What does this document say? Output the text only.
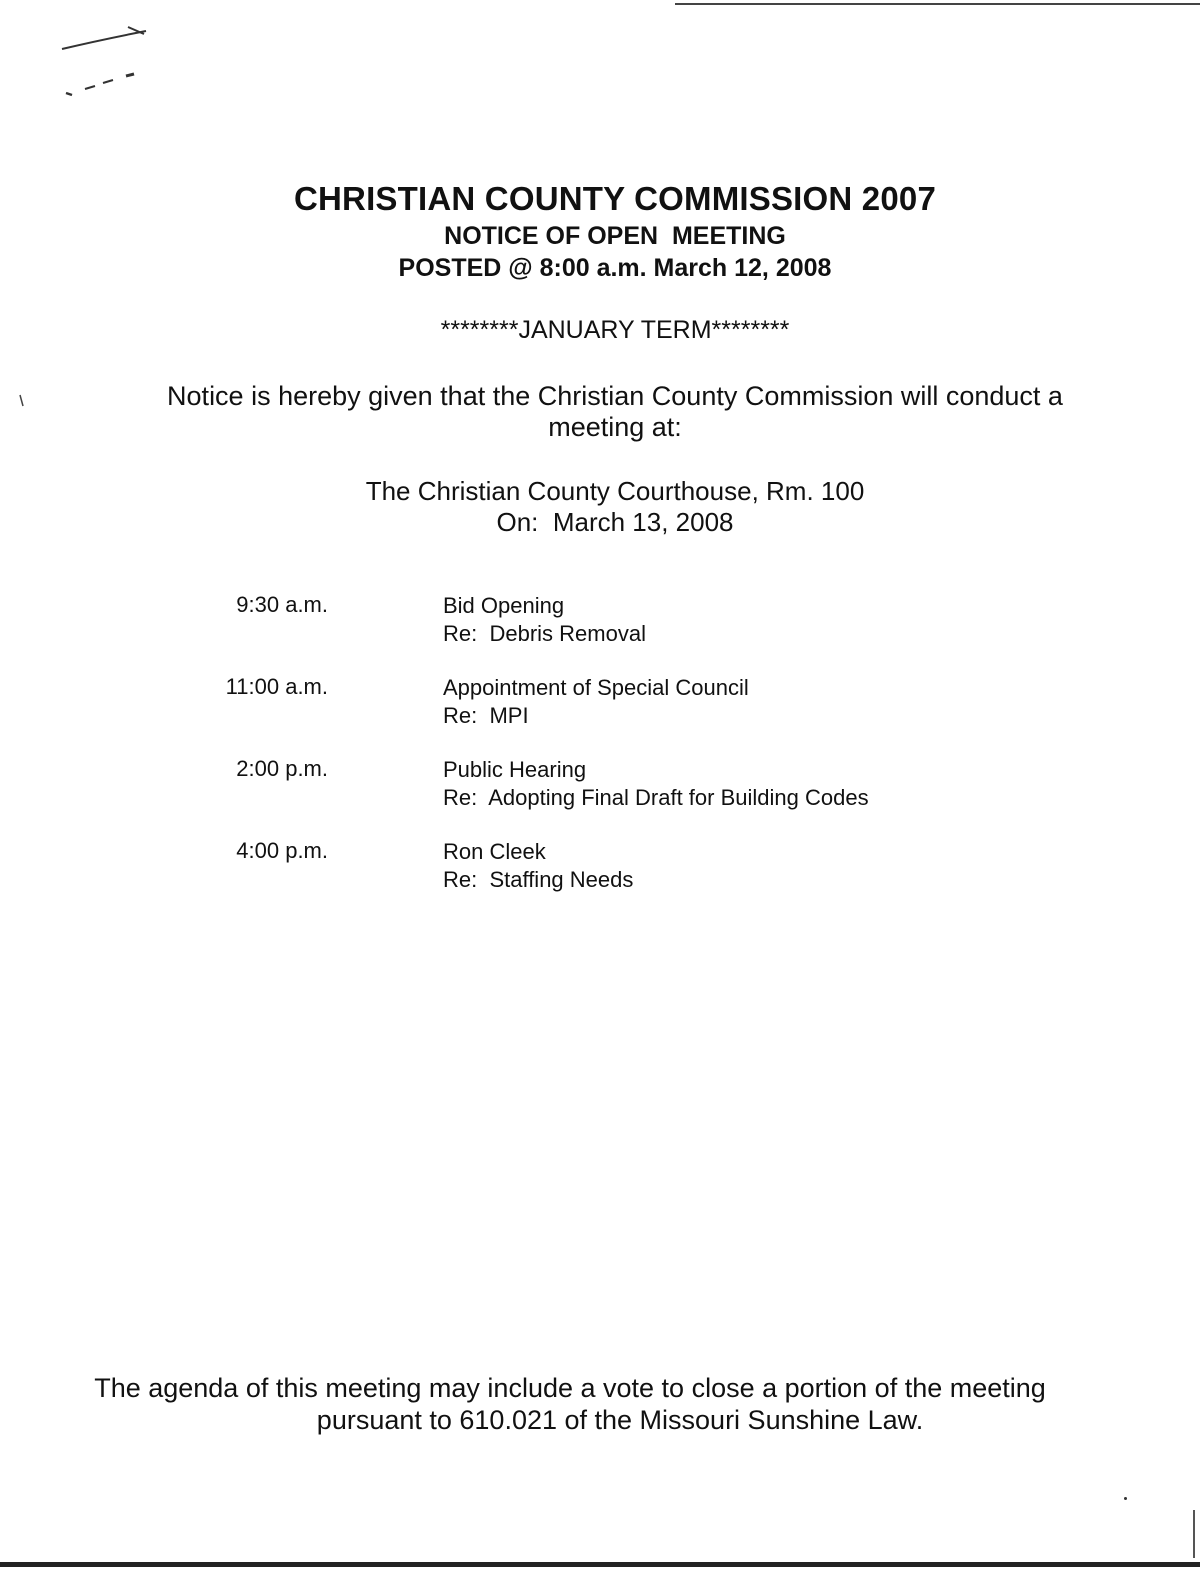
CHRISTIAN COUNTY COMMISSION 2007
NOTICE OF OPEN  MEETING
POSTED @ 8:00 a.m. March 12, 2008
********JANUARY TERM********
Notice is hereby given that the Christian County Commission will conduct a meeting at:
The Christian County Courthouse, Rm. 100
On:  March 13, 2008
9:30 a.m.	Bid Opening
Re:  Debris Removal
11:00 a.m.	Appointment of Special Council
Re:  MPI
2:00 p.m.	Public Hearing
Re:  Adopting Final Draft for Building Codes
4:00 p.m.	Ron Cleek
Re:  Staffing Needs
The agenda of this meeting may include a vote to close a portion of the meeting
pursuant to 610.021 of the Missouri Sunshine Law.
